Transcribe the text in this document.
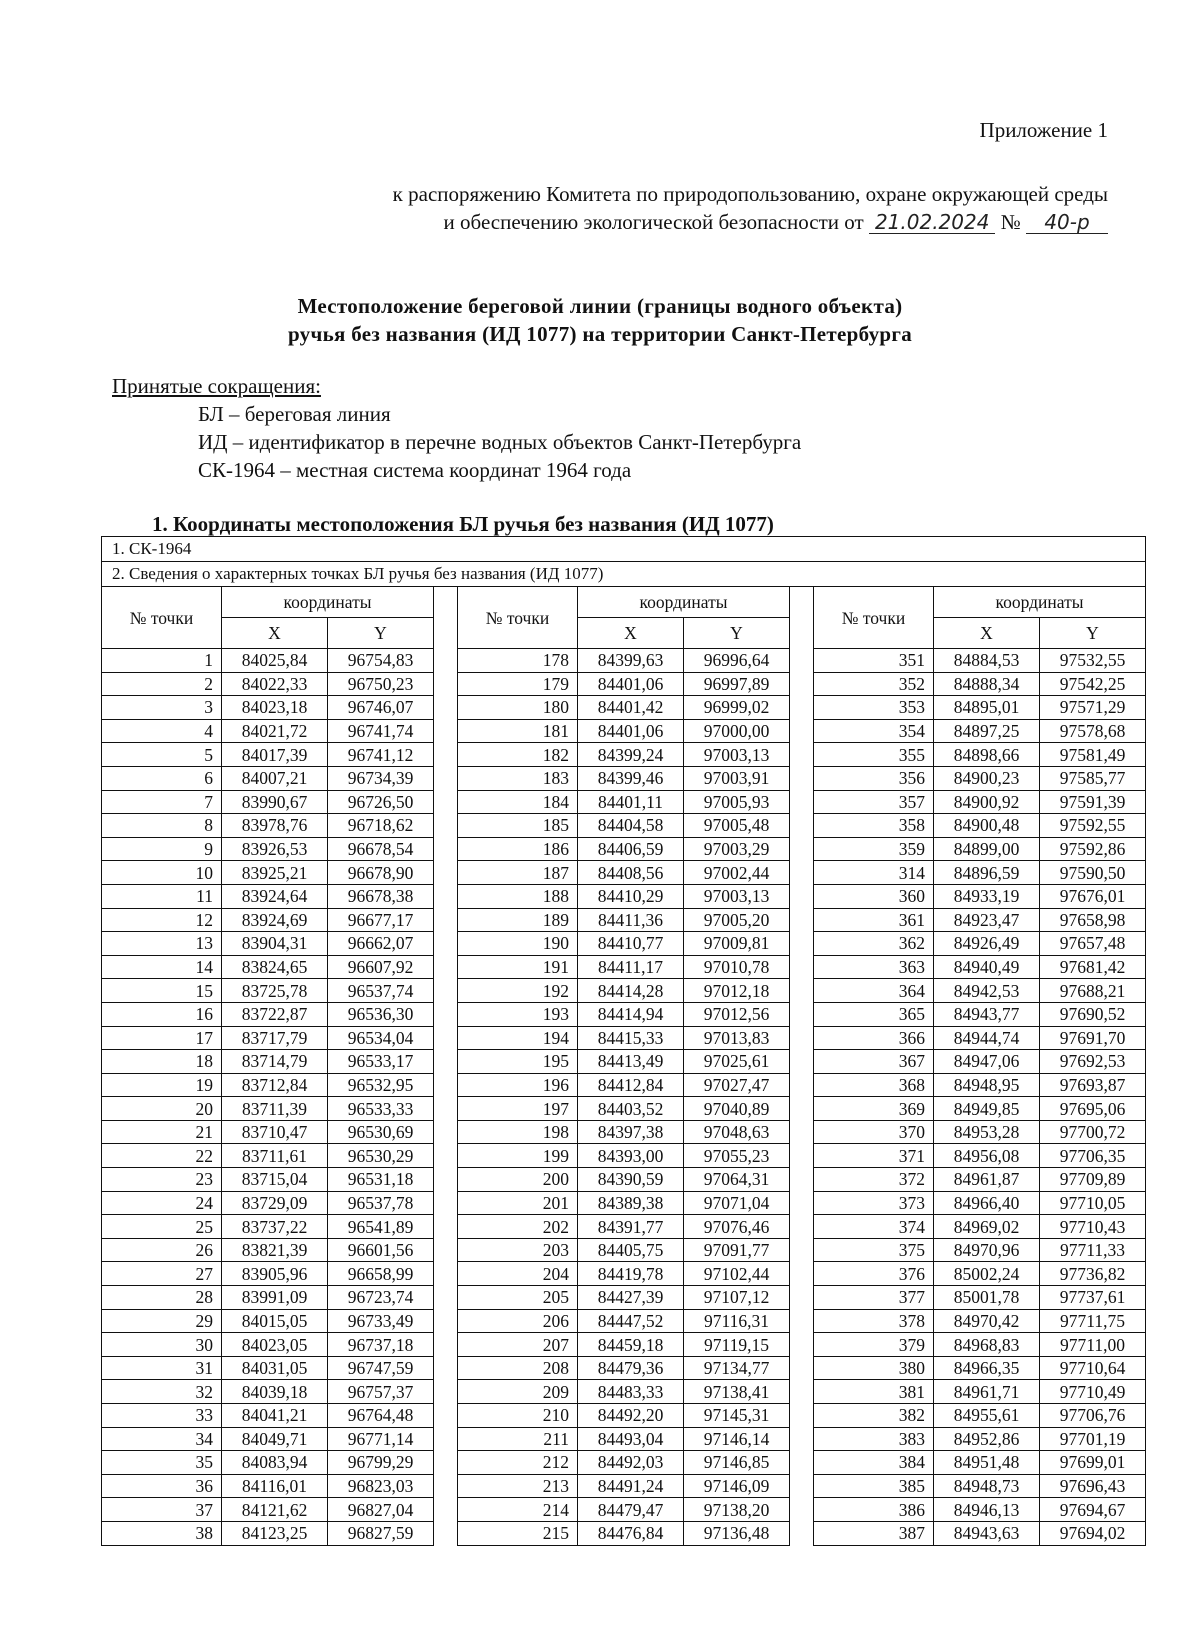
Приложение 1
к распоряжению Комитета по природопользованию, охране окружающей среды
и обеспечению экологической безопасности от 21.02.2024 № 40-р
Местоположение береговой линии (границы водного объекта)
ручья без названия (ИД 1077) на территории Санкт-Петербурга
Принятые сокращения:
БЛ – береговая линия
ИД – идентификатор в перечне водных объектов Санкт-Петербурга
СК-1964 – местная система координат 1964 года
1. Координаты местоположения БЛ ручья без названия (ИД 1077)
1. СК-1964										
2. Сведения о характерных точках БЛ ручья без названия (ИД 1077)										
№ точки	координаты			№ точки	координаты			№ точки	координаты	
	X	Y			X	Y			X	Y
1	84025,84	96754,83		178	84399,63	96996,64		351	84884,53	97532,55
2	84022,33	96750,23		179	84401,06	96997,89		352	84888,34	97542,25
3	84023,18	96746,07		180	84401,42	96999,02		353	84895,01	97571,29
4	84021,72	96741,74		181	84401,06	97000,00		354	84897,25	97578,68
5	84017,39	96741,12		182	84399,24	97003,13		355	84898,66	97581,49
6	84007,21	96734,39		183	84399,46	97003,91		356	84900,23	97585,77
7	83990,67	96726,50		184	84401,11	97005,93		357	84900,92	97591,39
8	83978,76	96718,62		185	84404,58	97005,48		358	84900,48	97592,55
9	83926,53	96678,54		186	84406,59	97003,29		359	84899,00	97592,86
10	83925,21	96678,90		187	84408,56	97002,44		314	84896,59	97590,50
11	83924,64	96678,38		188	84410,29	97003,13		360	84933,19	97676,01
12	83924,69	96677,17		189	84411,36	97005,20		361	84923,47	97658,98
13	83904,31	96662,07		190	84410,77	97009,81		362	84926,49	97657,48
14	83824,65	96607,92		191	84411,17	97010,78		363	84940,49	97681,42
15	83725,78	96537,74		192	84414,28	97012,18		364	84942,53	97688,21
16	83722,87	96536,30		193	84414,94	97012,56		365	84943,77	97690,52
17	83717,79	96534,04		194	84415,33	97013,83		366	84944,74	97691,70
18	83714,79	96533,17		195	84413,49	97025,61		367	84947,06	97692,53
19	83712,84	96532,95		196	84412,84	97027,47		368	84948,95	97693,87
20	83711,39	96533,33		197	84403,52	97040,89		369	84949,85	97695,06
21	83710,47	96530,69		198	84397,38	97048,63		370	84953,28	97700,72
22	83711,61	96530,29		199	84393,00	97055,23		371	84956,08	97706,35
23	83715,04	96531,18		200	84390,59	97064,31		372	84961,87	97709,89
24	83729,09	96537,78		201	84389,38	97071,04		373	84966,40	97710,05
25	83737,22	96541,89		202	84391,77	97076,46		374	84969,02	97710,43
26	83821,39	96601,56		203	84405,75	97091,77		375	84970,96	97711,33
27	83905,96	96658,99		204	84419,78	97102,44		376	85002,24	97736,82
28	83991,09	96723,74		205	84427,39	97107,12		377	85001,78	97737,61
29	84015,05	96733,49		206	84447,52	97116,31		378	84970,42	97711,75
30	84023,05	96737,18		207	84459,18	97119,15		379	84968,83	97711,00
31	84031,05	96747,59		208	84479,36	97134,77		380	84966,35	97710,64
32	84039,18	96757,37		209	84483,33	97138,41		381	84961,71	97710,49
33	84041,21	96764,48		210	84492,20	97145,31		382	84955,61	97706,76
34	84049,71	96771,14		211	84493,04	97146,14		383	84952,86	97701,19
35	84083,94	96799,29		212	84492,03	97146,85		384	84951,48	97699,01
36	84116,01	96823,03		213	84491,24	97146,09		385	84948,73	97696,43
37	84121,62	96827,04		214	84479,47	97138,20		386	84946,13	97694,67
38	84123,25	96827,59		215	84476,84	97136,48		387	84943,63	97694,02
